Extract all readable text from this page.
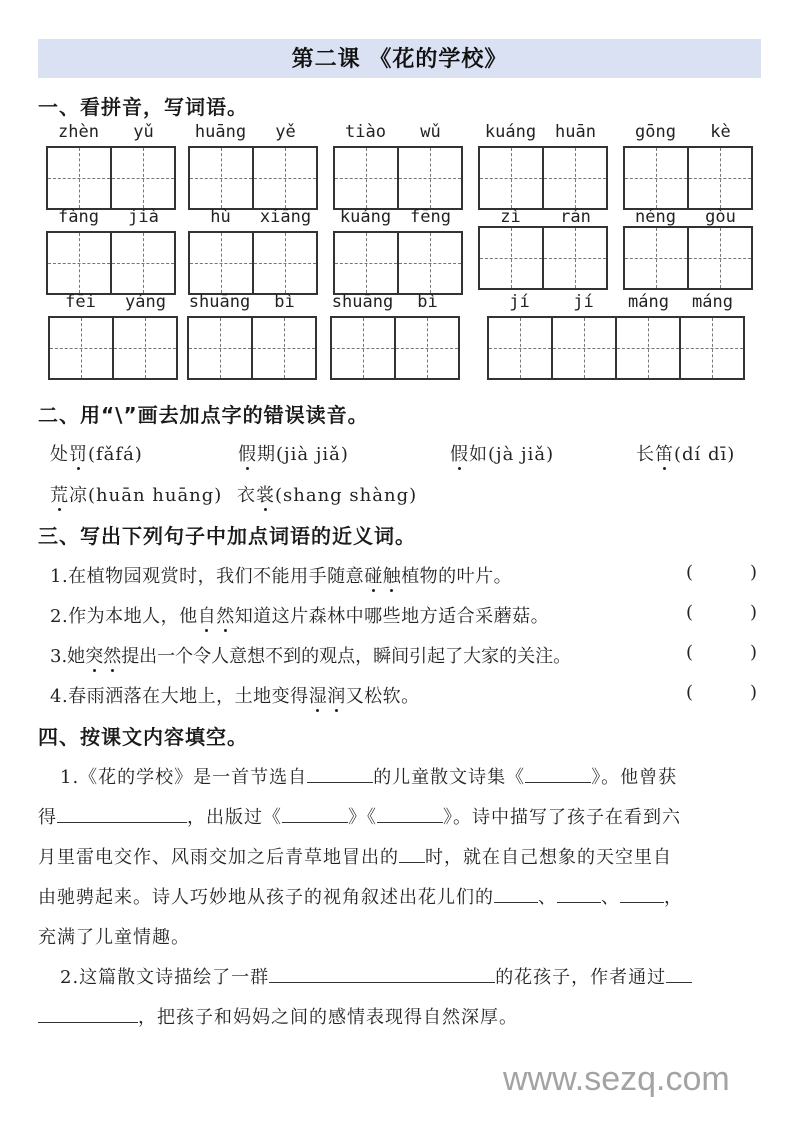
第二课 《花的学校》
一、看拼音，写词语。
zhèn	yǔ	huāng	yě	tiào	wǔ	kuáng	huān	gōng	kè
fàng	jià	hù	xiāng	kuáng	fēng	zì	rán	néng	gòu
fēi	yáng	shuāng	bì	shuāng	bì	jí	jí	máng	máng
二、用“\”画去加点字的错误读音。
处罚(fǎfá)	假期(jià jiǎ)	假如(jà jiǎ)	长笛(dí dī)
荒凉(huān huāng) 衣裳(shang shàng)
三、写出下列句子中加点词语的近义词。
1.在植物园观赏时，我们不能用手随意碰触植物的叶片。	(	)
2.作为本地人，他自然知道这片森林中哪些地方适合采蘑菇。	(	)
3.她突然提出一个令人意想不到的观点，瞬间引起了大家的关注。	(	)
4.春雨洒落在大地上，土地变得湿润又松软。	(	)
四、按课文内容填空。
1.《花的学校》是一首节选自	的儿童散文诗集《	》。他曾获
得	，出版过《	》《	》。诗中描写了孩子在看到六
月里雷电交作、风雨交加之后青草地冒出的 时，就在自己想象的天空里自
由驰骋起来。诗人巧妙地从孩子的视角叙述出花儿们的 、 、 ，
充满了儿童情趣。
2.这篇散文诗描绘了一群	的花孩子，作者通过
，把孩子和妈妈之间的感情表现得自然深厚。
www.sezq.com
